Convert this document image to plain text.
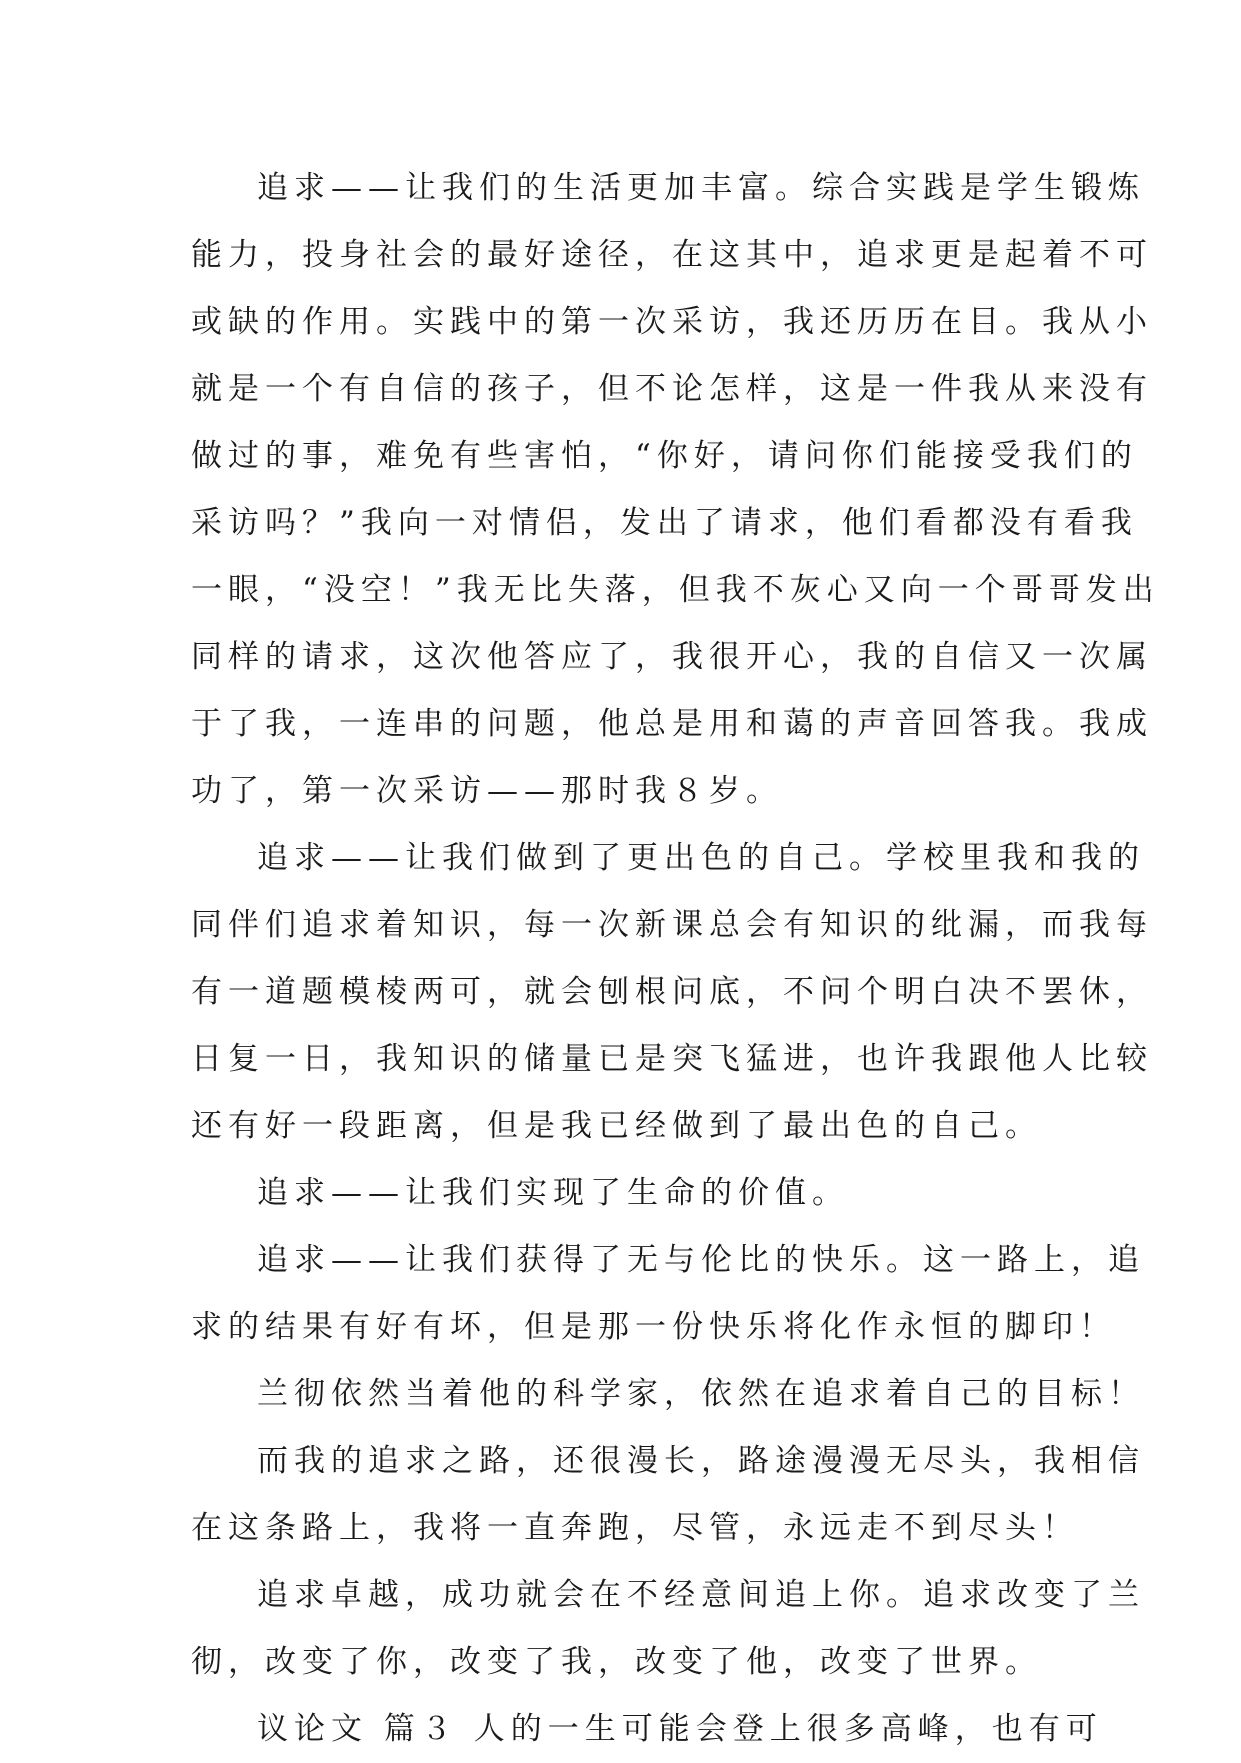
追求——让我们的生活更加丰富。综合实践是学生锻炼
能力，投身社会的最好途径，在这其中，追求更是起着不可
或缺的作用。实践中的第一次采访，我还历历在目。我从小
就是一个有自信的孩子，但不论怎样，这是一件我从来没有
做过的事，难免有些害怕，“你好，请问你们能接受我们的
采访吗？”我向一对情侣，发出了请求，他们看都没有看我
一眼，“没空！”我无比失落，但我不灰心又向一个哥哥发出
同样的请求，这次他答应了，我很开心，我的自信又一次属
于了我，一连串的问题，他总是用和蔼的声音回答我。我成
功了，第一次采访——那时我８岁。
追求——让我们做到了更出色的自己。学校里我和我的
同伴们追求着知识，每一次新课总会有知识的纰漏，而我每
有一道题模棱两可，就会刨根问底，不问个明白决不罢休，
日复一日，我知识的储量已是突飞猛进，也许我跟他人比较
还有好一段距离，但是我已经做到了最出色的自己。
追求——让我们实现了生命的价值。
追求——让我们获得了无与伦比的快乐。这一路上，追
求的结果有好有坏，但是那一份快乐将化作永恒的脚印！
兰彻依然当着他的科学家，依然在追求着自己的目标！
而我的追求之路，还很漫长，路途漫漫无尽头，我相信
在这条路上，我将一直奔跑，尽管，永远走不到尽头！
追求卓越，成功就会在不经意间追上你。追求改变了兰
彻，改变了你，改变了我，改变了他，改变了世界。
议论文 篇３ 人的一生可能会登上很多高峰，也有可
